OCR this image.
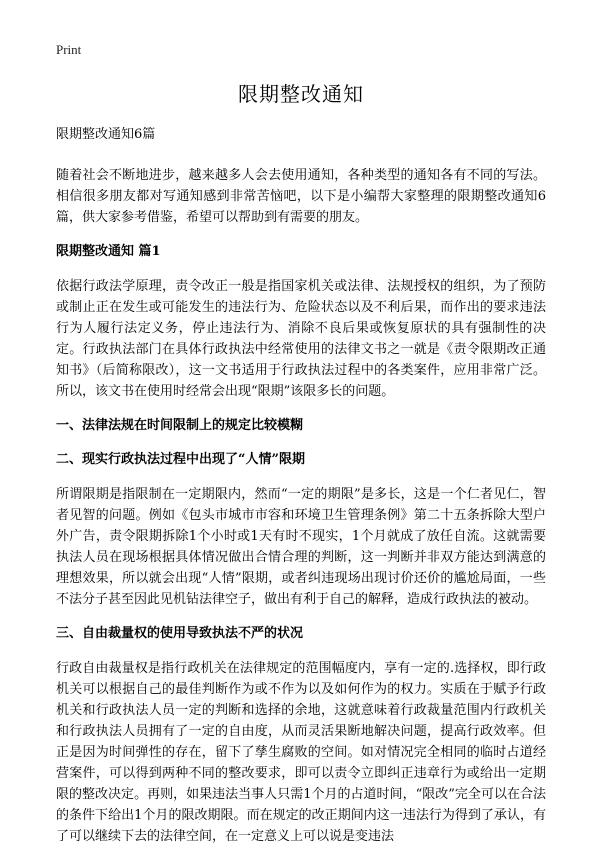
Print
限期整改通知
限期整改通知6篇

随着社会不断地进步，越来越多人会去使用通知，各种类型的通知各有不同的写法。相信很多朋友都对写通知感到非常苦恼吧，以下是小编帮大家整理的限期整改通知6篇，供大家参考借鉴，希望可以帮助到有需要的朋友。

限期整改通知 篇1

依据行政法学原理，责令改正一般是指国家机关或法律、法规授权的组织，为了预防或制止正在发生或可能发生的违法行为、危险状态以及不利后果，而作出的要求违法行为人履行法定义务，停止违法行为、消除不良后果或恢复原状的具有强制性的决定。行政执法部门在具体行政执法中经常使用的法律文书之一就是《责令限期改正通知书》（后简称限改），这一文书适用于行政执法过程中的各类案件，应用非常广泛。所以，该文书在使用时经常会出现“限期”该限多长的问题。

一、法律法规在时间限制上的规定比较模糊
二、现实行政执法过程中出现了“人情”限期

所谓限期是指限制在一定期限内，然而“一定的期限”是多长，这是一个仁者见仁，智者见智的问题。例如《包头市城市市容和环境卫生管理条例》第二十五条拆除大型户外广告，责令限期拆除1个小时或1天有时不现实，1个月就成了放任自流。这就需要执法人员在现场根据具体情况做出合情合理的判断，这一判断并非双方能达到满意的理想效果，所以就会出现“人情”限期，或者纠违现场出现讨价还价的尴尬局面，一些不法分子甚至因此见机钻法律空子，做出有利于自己的解释，造成行政执法的被动。

三、自由裁量权的使用导致执法不严的状况

行政自由裁量权是指行政机关在法律规定的范围幅度内，享有一定的.选择权，即行政机关可以根据自己的最佳判断作为或不作为以及如何作为的权力。实质在于赋予行政机关和行政执法人员一定的判断和选择的余地，这就意味着行政裁量范围内行政机关和行政执法人员拥有了一定的自由度，从而灵活果断地解决问题，提高行政效率。但正是因为时间弹性的存在，留下了孳生腐败的空间。如对情况完全相同的临时占道经营案件，可以得到两种不同的整改要求，即可以责令立即纠正违章行为或给出一定期限的整改决定。再则，如果违法当事人只需1个月的占道时间，“限改”完全可以在合法的条件下给出1个月的限改期限。而在规定的改正期间内这一违法行为得到了承认，有了可以继续下去的法律空间，在一定意义上可以说是变违法
